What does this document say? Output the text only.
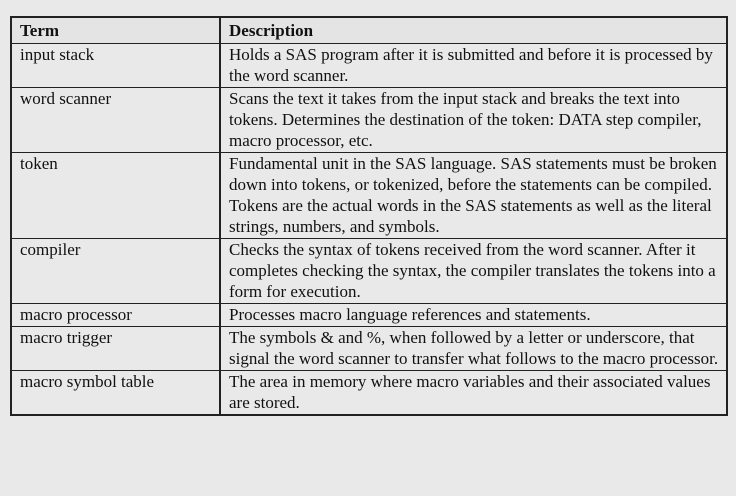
Term	Description
input stack	Holds a SAS program after it is submitted and before it is processed by the word scanner.
word scanner	Scans the text it takes from the input stack and breaks the text into tokens. Determines the destination of the token: DATA step compiler, macro processor, etc.
token	Fundamental unit in the SAS language. SAS statements must be broken down into tokens, or tokenized, before the statements can be compiled. Tokens are the actual words in the SAS statements as well as the literal strings, numbers, and symbols.
compiler	Checks the syntax of tokens received from the word scanner. After it completes checking the syntax, the compiler translates the tokens into a form for execution.
macro processor	Processes macro language references and statements.
macro trigger	The symbols & and %, when followed by a letter or underscore, that signal the word scanner to transfer what follows to the macro processor.
macro symbol table	The area in memory where macro variables and their associated values are stored.
